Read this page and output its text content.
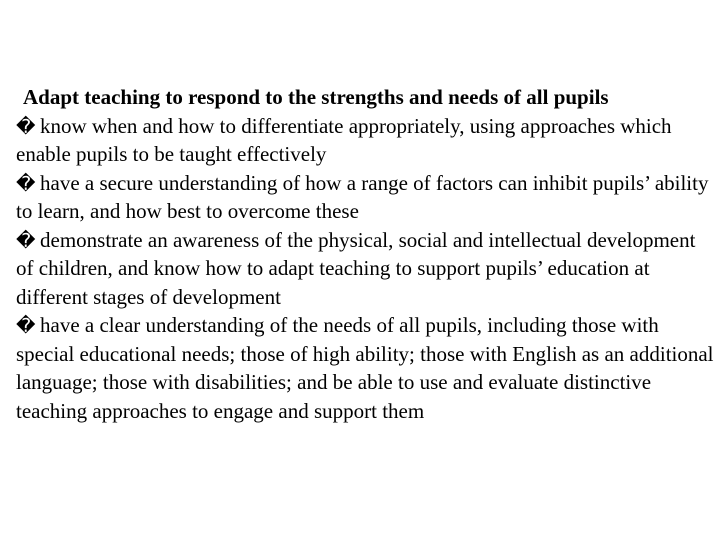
Adapt teaching to respond to the strengths and needs of all pupils

� know when and how to differentiate appropriately, using approaches which enable pupils to be taught effectively
� have a secure understanding of how a range of factors can inhibit pupils’ ability to learn, and how best to overcome these
� demonstrate an awareness of the physical, social and intellectual development of children, and know how to adapt teaching to support pupils’ education at different stages of development
� have a clear understanding of the needs of all pupils, including those with special educational needs; those of high ability; those with English as an additional language; those with disabilities; and be able to use and evaluate distinctive teaching approaches to engage and support them
